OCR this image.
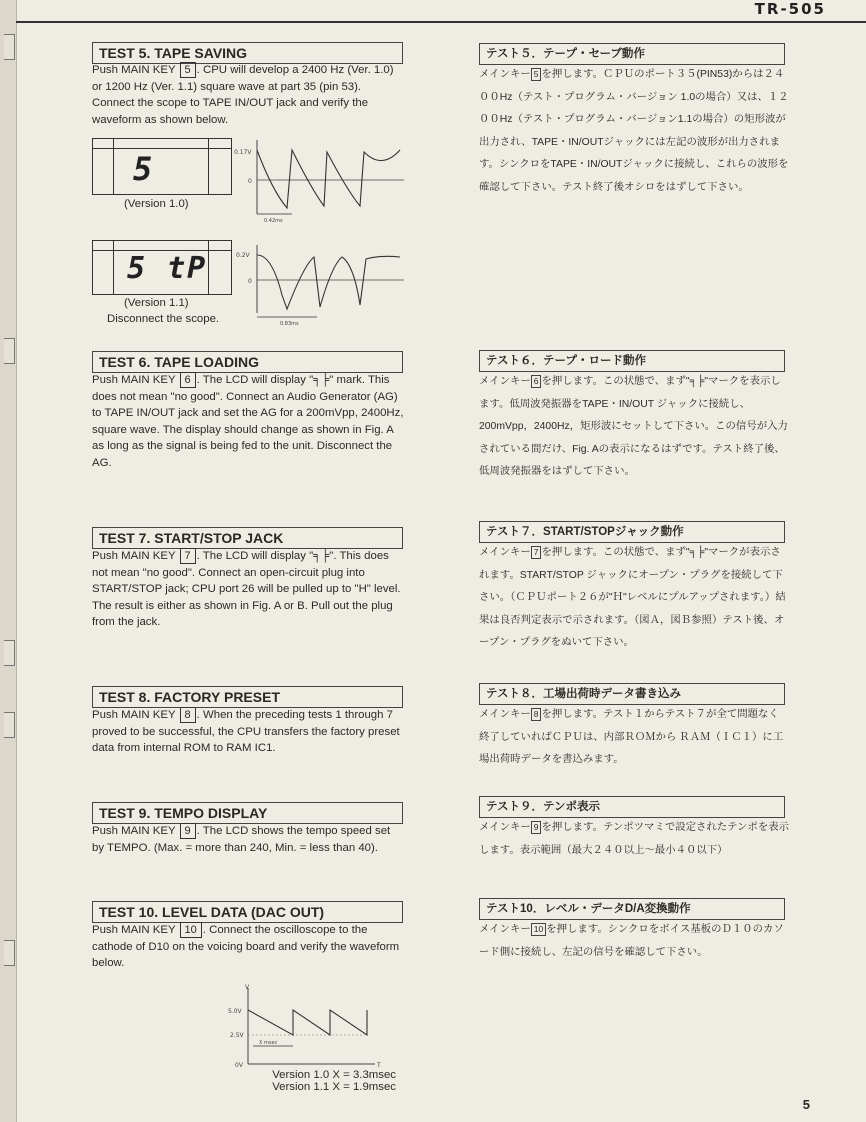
TR-505
TEST 5. TAPE SAVING
Push MAIN KEY 5 . CPU will develop a 2400 Hz (Ver. 1.0) or 1200 Hz (Ver. 1.1) square wave at part 35 (pin 53). Connect the scope to TAPE IN/OUT jack and verify the waveform as shown below.
5
(Version 1.0)
0.17V
0
0.42ms
5 tP
(Version 1.1)
Disconnect the scope.
0.2V
0
0.83ms
TEST 6. TAPE LOADING
Push MAIN KEY 6 . The LCD will display "╕╞" mark. This does not mean "no good". Connect an Audio Generator (AG) to TAPE IN/OUT jack and set the AG for a 200mVpp, 2400Hz, square wave. The display should change as shown in Fig. A as long as the signal is being fed to the unit. Disconnect the AG.
TEST 7. START/STOP JACK
Push MAIN KEY 7 . The LCD will display "╕╞". This does not mean "no good". Connect an open-circuit plug into START/STOP jack; CPU port 26 will be pulled up to "H" level. The result is either as shown in Fig. A or B. Pull out the plug from the jack.
TEST 8. FACTORY PRESET
Push MAIN KEY 8 . When the preceding tests 1 through 7 proved to be successful, the CPU transfers the factory preset data from internal ROM to RAM IC1.
TEST 9. TEMPO DISPLAY
Push MAIN KEY 9 . The LCD shows the tempo speed set by TEMPO. (Max. = more than 240, Min. = less than 40).
TEST 10. LEVEL DATA (DAC OUT)
Push MAIN KEY 10 . Connect the oscilloscope to the cathode of D10 on the voicing board and verify the waveform below.
V
T
5.0V
2.5V
0V
X msec
Version 1.0 X = 3.3msec
Version 1.1 X = 1.9msec
テスト５．テープ・セーブ動作
メインキー 5 を押します。ＣＰＵのポート３５(PIN53)からは２４００Hz（テスト・プログラム・バージョン 1.0の場合）又は、１２００Hz（テスト・プログラム・バージョン1.1の場合）の矩形波が出力され、TAPE・IN/OUTジャックには左記の波形が出力されます。シンクロをTAPE・IN/OUTジャックに接続し、これらの波形を確認して下さい。テスト終了後オシロをはずして下さい。
テスト６．テープ・ロード動作
メインキー 6 を押します。この状態で、まず"╕╞"マークを表示します。低周波発振器をTAPE・IN/OUT ジャックに接続し、200mVpp，2400Hz，矩形波にセットして下さい。この信号が入力されている間だけ、Fig. Aの表示になるはずです。テスト終了後、低周波発振器をはずして下さい。
テスト７．START/STOPジャック動作
メインキー 7 を押します。この状態で、まず"╕╞"マークが表示されます。START/STOP ジャックにオープン・プラグを接続して下さい。（ＣＰＵポート２６が"Ｈ"レベルにプルアップされます。）結果は良否判定表示で示されます。（図Ａ，図Ｂ参照）テスト後、オープン・プラグをぬいて下さい。
テスト８．工場出荷時データ書き込み
メインキー 8 を押します。テスト１からテスト７が全て問題なく終了していればＣＰＵは、内部ＲＯＭから ＲＡＭ（ＩＣ１）に工場出荷時データを書込みます。
テスト９．テンポ表示
メインキー 9 を押します。テンポツマミで設定されたテンポを表示します。表示範囲（最大２４０以上〜最小４０以下）
テスト10．レベル・データD/A変換動作
メインキー 10 を押します。シンクロをボイス基板のＤ１０のカソード側に接続し、左記の信号を確認して下さい。
5
